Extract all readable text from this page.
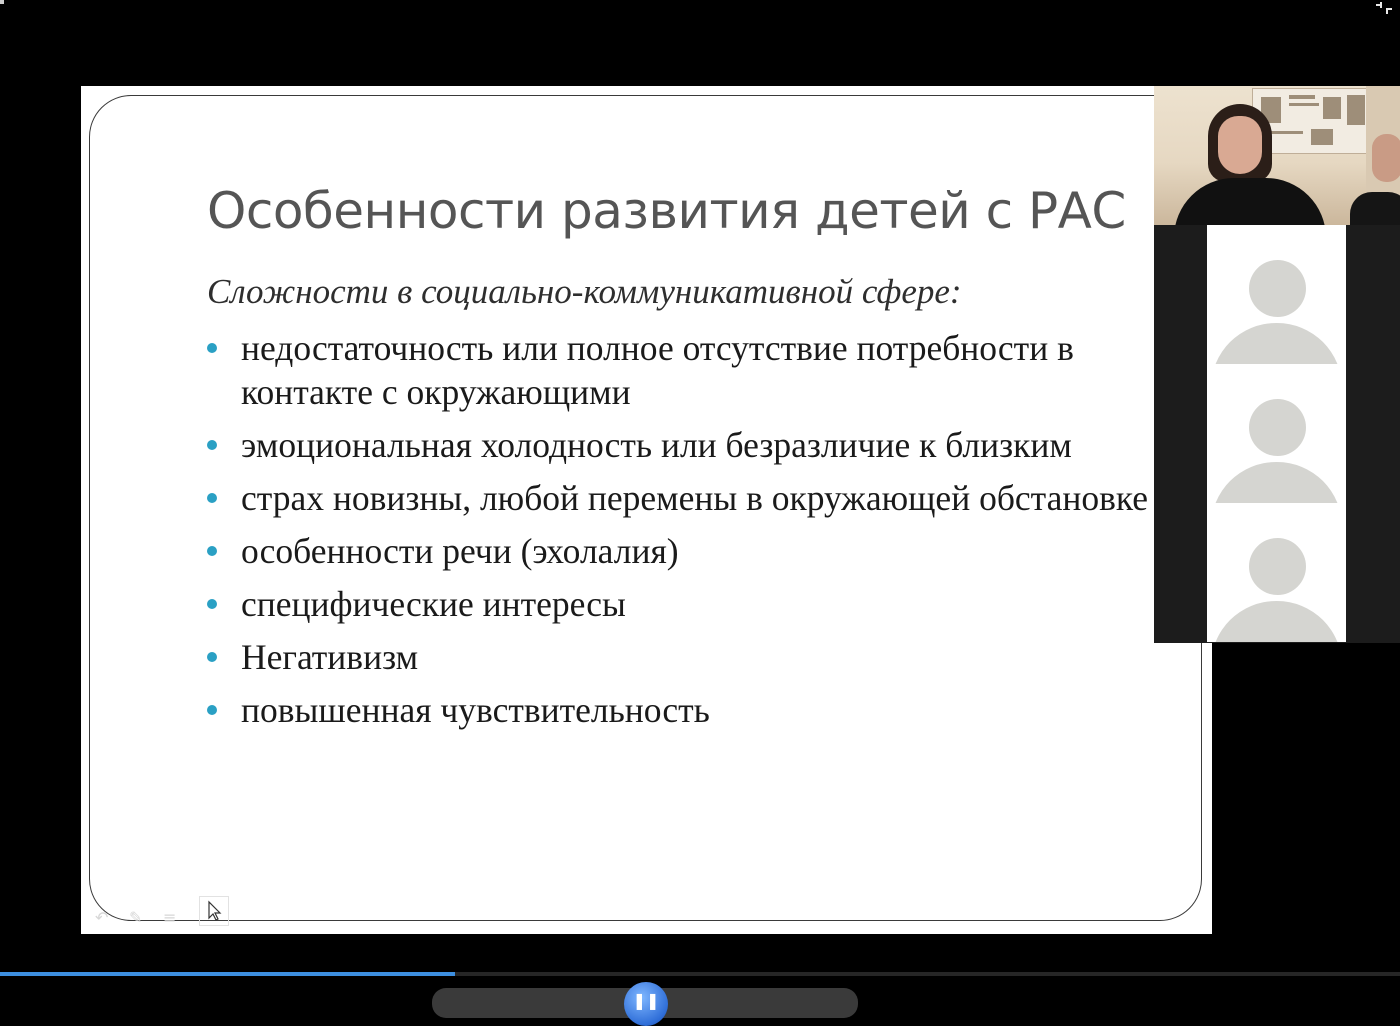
Особенности развития детей с РАС
Сложности в социально-коммуникативной сфере:
недостаточность или полное отсутствие потребности в контакте с окружающими
эмоциональная холодность или безразличие к близким
страх новизны, любой перемены в окружающей обстановке
особенности речи (эхолалия)
специфические интересы
Негативизм
повышенная чувствительность
↶ ✎ ≡
❚❚
